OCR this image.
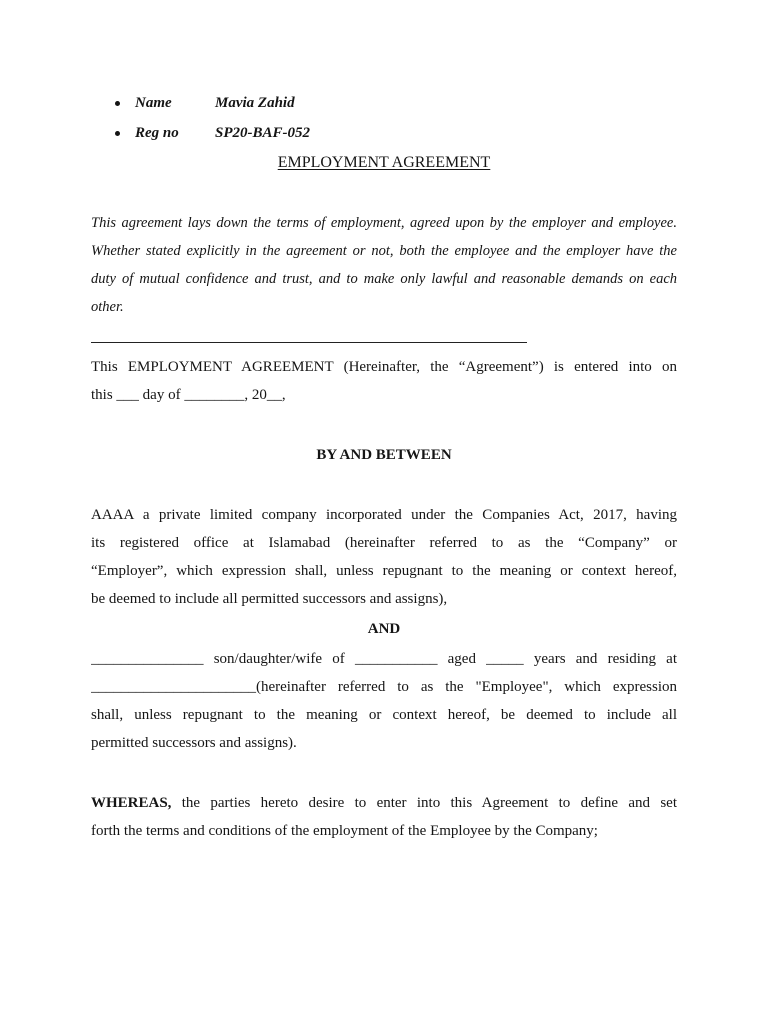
Name	Mavia Zahid
Reg no SP20-BAF-052
EMPLOYMENT AGREEMENT
This agreement lays down the terms of employment, agreed upon by the employer and employee.
Whether stated explicitly in the agreement or not, both the employee and the employer have the
duty of mutual confidence and trust, and to make only lawful and reasonable demands on each
other.
This EMPLOYMENT AGREEMENT (Hereinafter, the “Agreement”) is entered into on
this ___ day of ________, 20__,
BY AND BETWEEN
AAAA a private limited company incorporated under the Companies Act, 2017, having
its registered office at Islamabad (hereinafter referred to as the “Company” or
“Employer”, which expression shall, unless repugnant to the meaning or context hereof,
be deemed to include all permitted successors and assigns),
AND
_______________ son/daughter/wife of ___________ aged _____ years and residing at
______________________(hereinafter referred to as the "Employee", which expression
shall, unless repugnant to the meaning or context hereof, be deemed to include all
permitted successors and assigns).
WHEREAS, the parties hereto desire to enter into this Agreement to define and set
forth the terms and conditions of the employment of the Employee by the Company;
